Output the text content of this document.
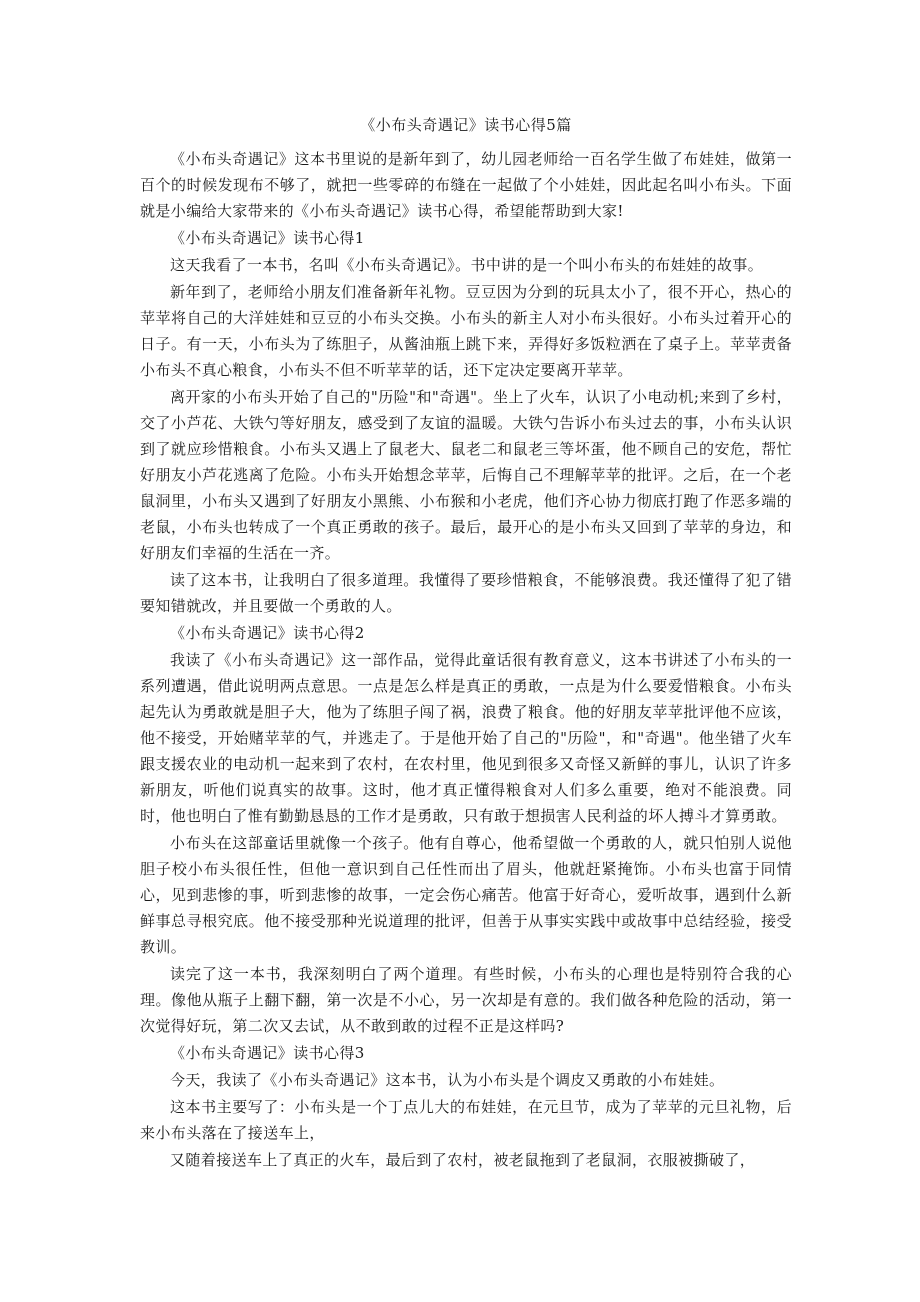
《小布头奇遇记》读书心得5篇

《小布头奇遇记》这本书里说的是新年到了，幼儿园老师给一百名学生做了布娃娃，做第一百个的时候发现布不够了，就把一些零碎的布缝在一起做了个小娃娃，因此起名叫小布头。下面就是小编给大家带来的《小布头奇遇记》读书心得，希望能帮助到大家!

《小布头奇遇记》读书心得1

这天我看了一本书，名叫《小布头奇遇记》。书中讲的是一个叫小布头的布娃娃的故事。

新年到了，老师给小朋友们准备新年礼物。豆豆因为分到的玩具太小了，很不开心，热心的苹苹将自己的大洋娃娃和豆豆的小布头交换。小布头的新主人对小布头很好。小布头过着开心的日子。有一天，小布头为了练胆子，从酱油瓶上跳下来，弄得好多饭粒洒在了桌子上。苹苹责备小布头不真心粮食，小布头不但不听苹苹的话，还下定决定要离开苹苹。

离开家的小布头开始了自己的"历险"和"奇遇"。坐上了火车，认识了小电动机;来到了乡村，交了小芦花、大铁勺等好朋友，感受到了友谊的温暖。大铁勺告诉小布头过去的事，小布头认识到了就应珍惜粮食。小布头又遇上了鼠老大、鼠老二和鼠老三等坏蛋，他不顾自己的安危，帮忙好朋友小芦花逃离了危险。小布头开始想念苹苹，后悔自己不理解苹苹的批评。之后，在一个老鼠洞里，小布头又遇到了好朋友小黑熊、小布猴和小老虎，他们齐心协力彻底打跑了作恶多端的老鼠，小布头也转成了一个真正勇敢的孩子。最后，最开心的是小布头又回到了苹苹的身边，和好朋友们幸福的生活在一齐。

读了这本书，让我明白了很多道理。我懂得了要珍惜粮食，不能够浪费。我还懂得了犯了错要知错就改，并且要做一个勇敢的人。

《小布头奇遇记》读书心得2

我读了《小布头奇遇记》这一部作品，觉得此童话很有教育意义，这本书讲述了小布头的一系列遭遇，借此说明两点意思。一点是怎么样是真正的勇敢，一点是为什么要爱惜粮食。小布头起先认为勇敢就是胆子大，他为了练胆子闯了祸，浪费了粮食。他的好朋友苹苹批评他不应该，他不接受，开始赌苹苹的气，并逃走了。于是他开始了自己的"历险"，和"奇遇"。他坐错了火车跟支援农业的电动机一起来到了农村，在农村里，他见到很多又奇怪又新鲜的事儿，认识了许多新朋友，听他们说真实的故事。这时，他才真正懂得粮食对人们多么重要，绝对不能浪费。同时，他也明白了惟有勤勤恳恳的工作才是勇敢，只有敢于想损害人民利益的坏人搏斗才算勇敢。

小布头在这部童话里就像一个孩子。他有自尊心，他希望做一个勇敢的人，就只怕别人说他胆子校小布头很任性，但他一意识到自己任性而出了眉头，他就赶紧掩饰。小布头也富于同情心，见到悲惨的事，听到悲惨的故事，一定会伤心痛苦。他富于好奇心，爱听故事，遇到什么新鲜事总寻根究底。他不接受那种光说道理的批评，但善于从事实实践中或故事中总结经验，接受教训。

读完了这一本书，我深刻明白了两个道理。有些时候，小布头的心理也是特别符合我的心理。像他从瓶子上翻下翻，第一次是不小心，另一次却是有意的。我们做各种危险的活动，第一次觉得好玩，第二次又去试，从不敢到敢的过程不正是这样吗?

《小布头奇遇记》读书心得3

今天，我读了《小布头奇遇记》这本书，认为小布头是个调皮又勇敢的小布娃娃。

这本书主要写了：小布头是一个丁点儿大的布娃娃，在元旦节，成为了苹苹的元旦礼物，后来小布头落在了接送车上，

又随着接送车上了真正的火车，最后到了农村，被老鼠拖到了老鼠洞，衣服被撕破了，
